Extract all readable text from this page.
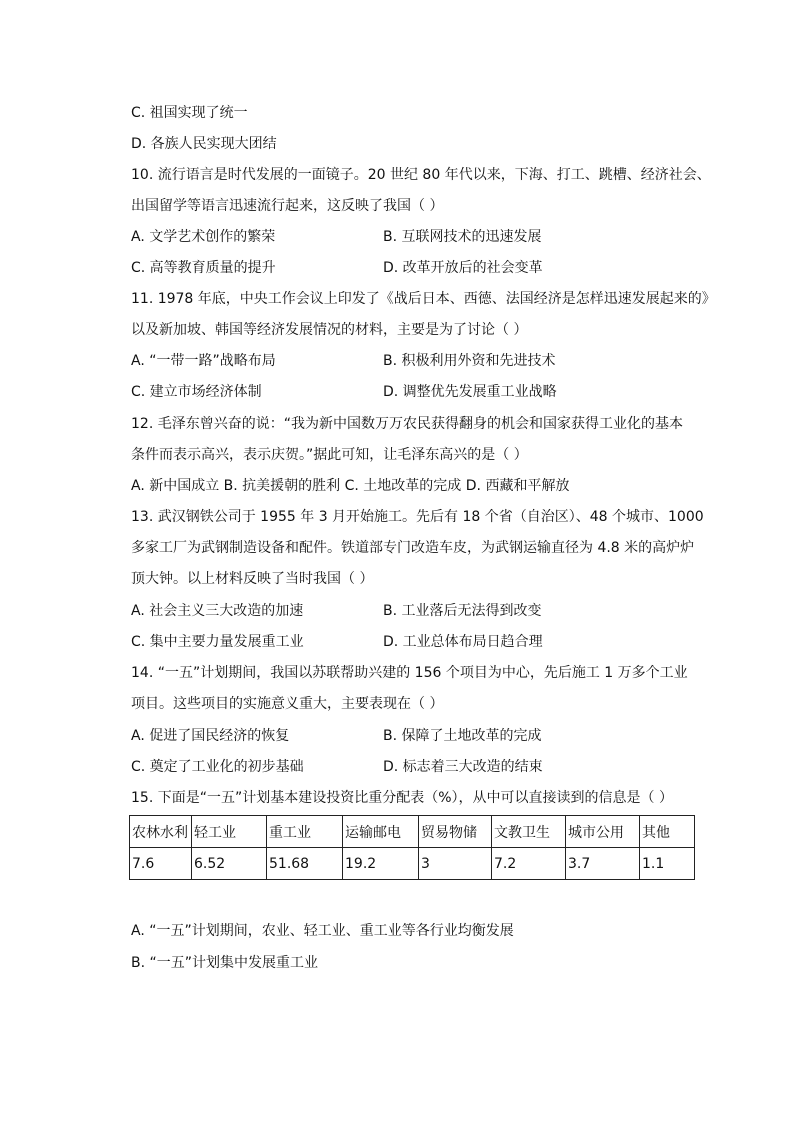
C. 祖国实现了统一
D. 各族人民实现大团结
10. 流行语言是时代发展的一面镜子。20 世纪 80 年代以来，下海、打工、跳槽、经济社会、
出国留学等语言迅速流行起来，这反映了我国（ ）
A. 文学艺术创作的繁荣	B. 互联网技术的迅速发展
C. 高等教育质量的提升	D. 改革开放后的社会变革
11. 1978 年底，中央工作会议上印发了《战后日本、西德、法国经济是怎样迅速发展起来的》
以及新加坡、韩国等经济发展情况的材料，主要是为了讨论（ ）
A. “一带一路”战略布局	B. 积极利用外资和先进技术
C. 建立市场经济体制	D. 调整优先发展重工业战略
12. 毛泽东曾兴奋的说：“我为新中国数万万农民获得翻身的机会和国家获得工业化的基本
条件而表示高兴，表示庆贺。”据此可知，让毛泽东高兴的是（ ）
A. 新中国成立 B. 抗美援朝的胜利 C. 土地改革的完成 D. 西藏和平解放
13. 武汉钢铁公司于 1955 年 3 月开始施工。先后有 18 个省（自治区）、48 个城市、1000
多家工厂为武钢制造设备和配件。铁道部专门改造车皮，为武钢运输直径为 4.8 米的高炉炉
顶大钟。以上材料反映了当时我国（ ）
A. 社会主义三大改造的加速	B. 工业落后无法得到改变
C. 集中主要力量发展重工业	D. 工业总体布局日趋合理
14. “一五”计划期间，我国以苏联帮助兴建的 156 个项目为中心，先后施工 1 万多个工业
项目。这些项目的实施意义重大，主要表现在（ ）
A. 促进了国民经济的恢复	B. 保障了土地改革的完成
C. 奠定了工业化的初步基础	D. 标志着三大改造的结束
15. 下面是“一五”计划基本建设投资比重分配表（%），从中可以直接读到的信息是（ ）
农林水利	轻工业	重工业	运输邮电	贸易物储	文教卫生	城市公用	其他
7.6	6.52	51.68	19.2	3	7.2	3.7	1.1
A. “一五”计划期间，农业、轻工业、重工业等各行业均衡发展
B. “一五”计划集中发展重工业
